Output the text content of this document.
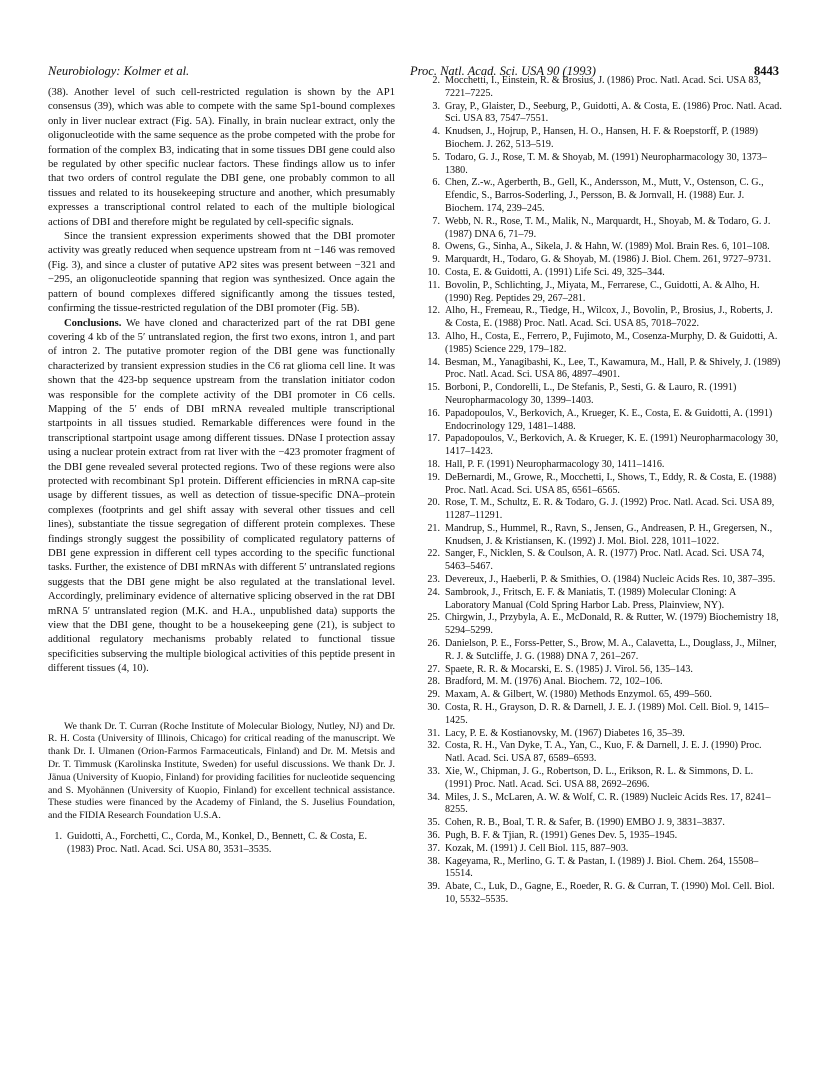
Neurobiology: Kolmer et al.	Proc. Natl. Acad. Sci. USA 90 (1993)	8443

(38). Another level of such cell-restricted regulation is shown by the AP1 consensus (39), which was able to compete with the same Sp1-bound complexes only in liver nuclear extract (Fig. 5A). Finally, in brain nuclear extract, only the oligonucleotide with the same sequence as the probe competed with the probe for formation of the complex B3, indicating that in some tissues DBI gene could also be regulated by other specific nuclear factors. These findings allow us to infer that two orders of control regulate the DBI gene, one probably common to all tissues and related to its housekeeping structure and another, which presumably expresses a transcriptional control related to each of the multiple biological actions of DBI and therefore might be regulated by cell-specific signals.

Since the transient expression experiments showed that the DBI promoter activity was greatly reduced when sequence upstream from nt −146 was removed (Fig. 3), and since a cluster of putative AP2 sites was present between −321 and −295, an oligonucleotide spanning that region was synthesized. Once again the pattern of bound complexes differed significantly among the tissues tested, confirming the tissue-restricted regulation of the DBI promoter (Fig. 5B).

Conclusions. We have cloned and characterized part of the rat DBI gene covering 4 kb of the 5′ untranslated region, the first two exons, intron 1, and part of intron 2. The putative promoter region of the DBI gene was functionally characterized by transient expression studies in the C6 rat glioma cell line. It was shown that the 423-bp sequence upstream from the translation initiator codon was responsible for the complete activity of the DBI promoter in C6 cells. Mapping of the 5′ ends of DBI mRNA revealed multiple transcriptional startpoints in all tissues studied. Remarkable differences were found in the transcriptional startpoint usage among different tissues. DNase I protection assay using a nuclear protein extract from rat liver with the −423 promoter fragment of the DBI gene revealed several protected regions. Two of these regions were also protected with recombinant Sp1 protein. Different efficiencies in mRNA cap-site usage by different tissues, as well as detection of tissue-specific DNA–protein complexes (footprints and gel shift assay with several other tissues and cell lines), substantiate the tissue segregation of different protein complexes. These findings strongly suggest the possibility of complicated regulatory patterns of DBI gene expression in different cell types according to the specific functional tasks. Further, the existence of DBI mRNAs with different 5′ untranslated regions suggests that the DBI gene might be also regulated at the translational level. Accordingly, preliminary evidence of alternative splicing observed in the rat DBI mRNA 5′ untranslated region (M.K. and H.A., unpublished data) supports the view that the DBI gene, thought to be a housekeeping gene (21), is subject to additional regulatory mechanisms probably related to functional tissue specificities subserving the multiple biological activities of this peptide present in different tissues (4, 10).

We thank Dr. T. Curran (Roche Institute of Molecular Biology, Nutley, NJ) and Dr. R. H. Costa (University of Illinois, Chicago) for critical reading of the manuscript. We thank Dr. I. Ulmanen (Orion-Farmos Farmaceuticals, Finland) and Dr. M. Metsis and Dr. T. Timmusk (Karolinska Institute, Sweden) for useful discussions. We thank Dr. J. Jänua (University of Kuopio, Finland) for providing facilities for nucleotide sequencing and S. Myohännen (University of Kuopio, Finland) for excellent technical assistance. These studies were financed by the Academy of Finland, the S. Juselius Foundation, and the FIDIA Research Foundation U.S.A.

1. Guidotti, A., Forchetti, C., Corda, M., Konkel, D., Bennett, C. & Costa, E. (1983) Proc. Natl. Acad. Sci. USA 80, 3531–3535.
2. Mocchetti, I., Einstein, R. & Brosius, J. (1986) Proc. Natl. Acad. Sci. USA 83, 7221–7225.
3. Gray, P., Glaister, D., Seeburg, P., Guidotti, A. & Costa, E. (1986) Proc. Natl. Acad. Sci. USA 83, 7547–7551.
4. Knudsen, J., Hojrup, P., Hansen, H. O., Hansen, H. F. & Roepstorff, P. (1989) Biochem. J. 262, 513–519.
5. Todaro, G. J., Rose, T. M. & Shoyab, M. (1991) Neuropharmacology 30, 1373–1380.
6. Chen, Z.-w., Agerberth, B., Gell, K., Andersson, M., Mutt, V., Ostenson, C. G., Efendic, S., Barros-Soderling, J., Persson, B. & Jornvall, H. (1988) Eur. J. Biochem. 174, 239–245.
7. Webb, N. R., Rose, T. M., Malik, N., Marquardt, H., Shoyab, M. & Todaro, G. J. (1987) DNA 6, 71–79.
8. Owens, G., Sinha, A., Sikela, J. & Hahn, W. (1989) Mol. Brain Res. 6, 101–108.
9. Marquardt, H., Todaro, G. & Shoyab, M. (1986) J. Biol. Chem. 261, 9727–9731.
10. Costa, E. & Guidotti, A. (1991) Life Sci. 49, 325–344.
11. Bovolin, P., Schlichting, J., Miyata, M., Ferrarese, C., Guidotti, A. & Alho, H. (1990) Reg. Peptides 29, 267–281.
12. Alho, H., Fremeau, R., Tiedge, H., Wilcox, J., Bovolin, P., Brosius, J., Roberts, J. & Costa, E. (1988) Proc. Natl. Acad. Sci. USA 85, 7018–7022.
13. Alho, H., Costa, E., Ferrero, P., Fujimoto, M., Cosenza-Murphy, D. & Guidotti, A. (1985) Science 229, 179–182.
14. Besman, M., Yanagibashi, K., Lee, T., Kawamura, M., Hall, P. & Shively, J. (1989) Proc. Natl. Acad. Sci. USA 86, 4897–4901.
15. Borboni, P., Condorelli, L., De Stefanis, P., Sesti, G. & Lauro, R. (1991) Neuropharmacology 30, 1399–1403.
16. Papadopoulos, V., Berkovich, A., Krueger, K. E., Costa, E. & Guidotti, A. (1991) Endocrinology 129, 1481–1488.
17. Papadopoulos, V., Berkovich, A. & Krueger, K. E. (1991) Neuropharmacology 30, 1417–1423.
18. Hall, P. F. (1991) Neuropharmacology 30, 1411–1416.
19. DeBernardi, M., Growe, R., Mocchetti, I., Shows, T., Eddy, R. & Costa, E. (1988) Proc. Natl. Acad. Sci. USA 85, 6561–6565.
20. Rose, T. M., Schultz, E. R. & Todaro, G. J. (1992) Proc. Natl. Acad. Sci. USA 89, 11287–11291.
21. Mandrup, S., Hummel, R., Ravn, S., Jensen, G., Andreasen, P. H., Gregersen, N., Knudsen, J. & Kristiansen, K. (1992) J. Mol. Biol. 228, 1011–1022.
22. Sanger, F., Nicklen, S. & Coulson, A. R. (1977) Proc. Natl. Acad. Sci. USA 74, 5463–5467.
23. Devereux, J., Haeberli, P. & Smithies, O. (1984) Nucleic Acids Res. 10, 387–395.
24. Sambrook, J., Fritsch, E. F. & Maniatis, T. (1989) Molecular Cloning: A Laboratory Manual (Cold Spring Harbor Lab. Press, Plainview, NY).
25. Chirgwin, J., Przybyla, A. E., McDonald, R. & Rutter, W. (1979) Biochemistry 18, 5294–5299.
26. Danielson, P. E., Forss-Petter, S., Brow, M. A., Calavetta, L., Douglass, J., Milner, R. J. & Sutcliffe, J. G. (1988) DNA 7, 261–267.
27. Spaete, R. R. & Mocarski, E. S. (1985) J. Virol. 56, 135–143.
28. Bradford, M. M. (1976) Anal. Biochem. 72, 102–106.
29. Maxam, A. & Gilbert, W. (1980) Methods Enzymol. 65, 499–560.
30. Costa, R. H., Grayson, D. R. & Darnell, J. E. J. (1989) Mol. Cell. Biol. 9, 1415–1425.
31. Lacy, P. E. & Kostianovsky, M. (1967) Diabetes 16, 35–39.
32. Costa, R. H., Van Dyke, T. A., Yan, C., Kuo, F. & Darnell, J. E. J. (1990) Proc. Natl. Acad. Sci. USA 87, 6589–6593.
33. Xie, W., Chipman, J. G., Robertson, D. L., Erikson, R. L. & Simmons, D. L. (1991) Proc. Natl. Acad. Sci. USA 88, 2692–2696.
34. Miles, J. S., McLaren, A. W. & Wolf, C. R. (1989) Nucleic Acids Res. 17, 8241–8255.
35. Cohen, R. B., Boal, T. R. & Safer, B. (1990) EMBO J. 9, 3831–3837.
36. Pugh, B. F. & Tjian, R. (1991) Genes Dev. 5, 1935–1945.
37. Kozak, M. (1991) J. Cell Biol. 115, 887–903.
38. Kageyama, R., Merlino, G. T. & Pastan, I. (1989) J. Biol. Chem. 264, 15508–15514.
39. Abate, C., Luk, D., Gagne, E., Roeder, R. G. & Curran, T. (1990) Mol. Cell. Biol. 10, 5532–5535.
